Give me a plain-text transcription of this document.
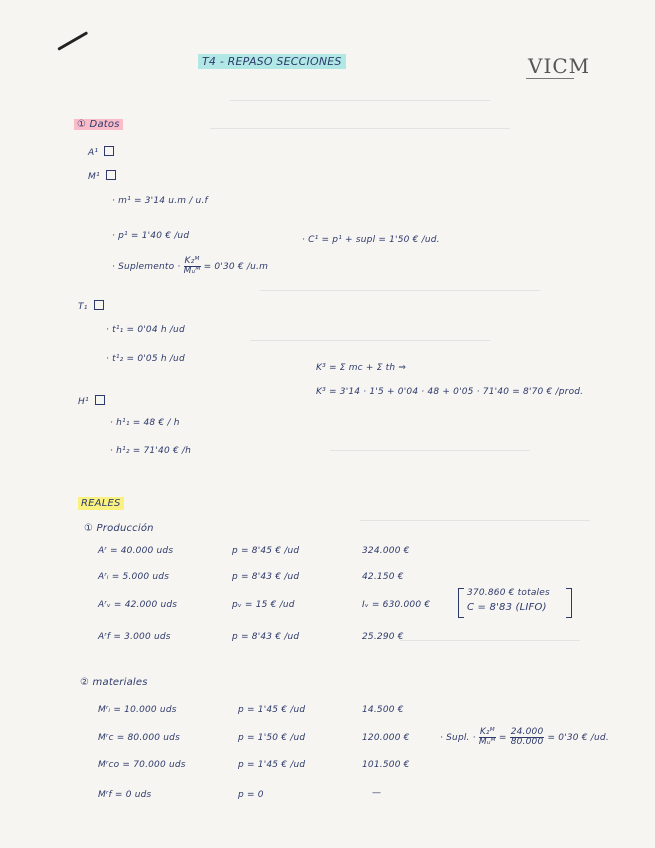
T4 - REPASO SECCIONES	VICM
① Datos
A¹
M¹
· m¹ = 3'14 u.m / u.f
· p¹ = 1'40 € /ud	· C¹ = p¹ + supl = 1'50 € /ud.
· Suplemento · $\frac{\text{K₂ᴹ}}{\text{Mᵤᴹ}} = 0'30$ € /u.m
T₁
· t¹₁ = 0'04 h /ud
· t¹₂ = 0'05 h /ud
K³ = Σ mc + Σ th ⇒
K³ = 3'14 · 1'5 + 0'04 · 48 + 0'05 · 71'40 = 8'70 € /prod.
H¹
· h¹₁ = 48 € / h
· h¹₂ = 71'40 € /h
REALES
① Producción
Aʳ = 40.000 uds	p = 8'45 € /ud	324.000 €
Aʳᵢ = 5.000 uds	p = 8'43 € /ud	42.150 €
Aʳᵥ = 42.000 uds	pᵥ = 15 € /ud	Iᵥ = 630.000 €
Aʳf = 3.000 uds	p = 8'43 € /ud	25.290 €
370.860 € totales
C = 8'83 (LIFO)
② materiales
Mʳᵢ = 10.000 uds	p = 1'45 € /ud	14.500 €
Mʳc = 80.000 uds	p = 1'50 € /ud	120.000 €
Mʳco = 70.000 uds	p = 1'45 € /ud	101.500 €
Mʳf = 0 uds	p = 0	—
· Supl. · $\frac{\text{K₂ᴹ}}{\text{Mᵤᴹ}} = \frac{24.000}{80.000} = 0'30$ € /ud.
